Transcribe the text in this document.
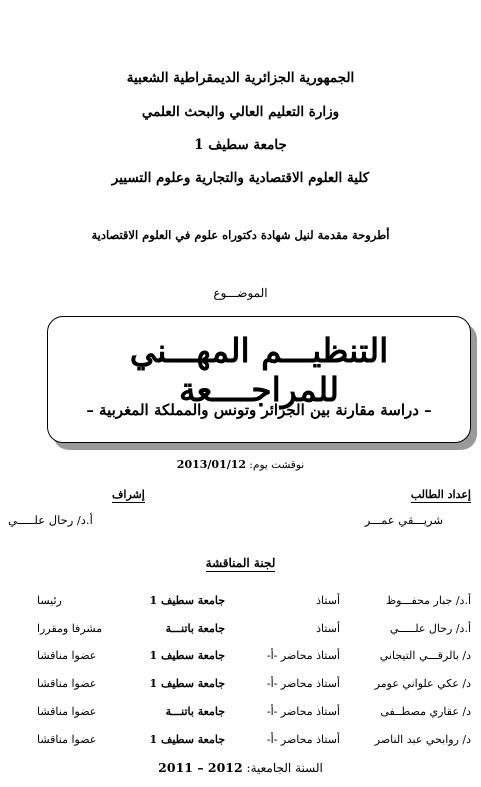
الجمهورية الجزائرية الديمقراطية الشعبية
وزارة التعليم العالي والبحث العلمي
جامعة سطيف 1
كلية العلوم الاقتصادية والتجارية وعلوم التسيير
أطروحة مقدمة لنيل شهادة دكتوراه علوم في العلوم الاقتصادية
الموضـــوع
التنظيـــم المهـــني للمراجــــعة
– دراسة مقارنة بين الجزائر وتونس والمملكة المغربية –
نوقشت يوم: 2013/01/12
إعداد الطالب
شريـــقي عمـــر
إشراف
أ.د/ رحال علـــــي
لجنة المناقشة
أ.د/ جبار محفـــوظ
أستاذ
جامعة سطيف 1
رئيسا
أ.د/ رحال علـــــي
أستاذ
جامعة باتنـــة
مشرفا ومقررا
د/ بالرقـــي التيجاني
أستاذ محاضر -أ-
جامعة سطيف 1
عضوا مناقشا
د/ عكي علواني عومر
أستاذ محاضر -أ-
جامعة سطيف 1
عضوا مناقشا
د/ عقاري مصطــفى
أستاذ محاضر -أ-
جامعة باتنـــة
عضوا مناقشا
د/ روابحي عبد الناصر
أستاذ محاضر -أ-
جامعة سطيف 1
عضوا مناقشا
السنة الجامعية: 2011 – 2012
